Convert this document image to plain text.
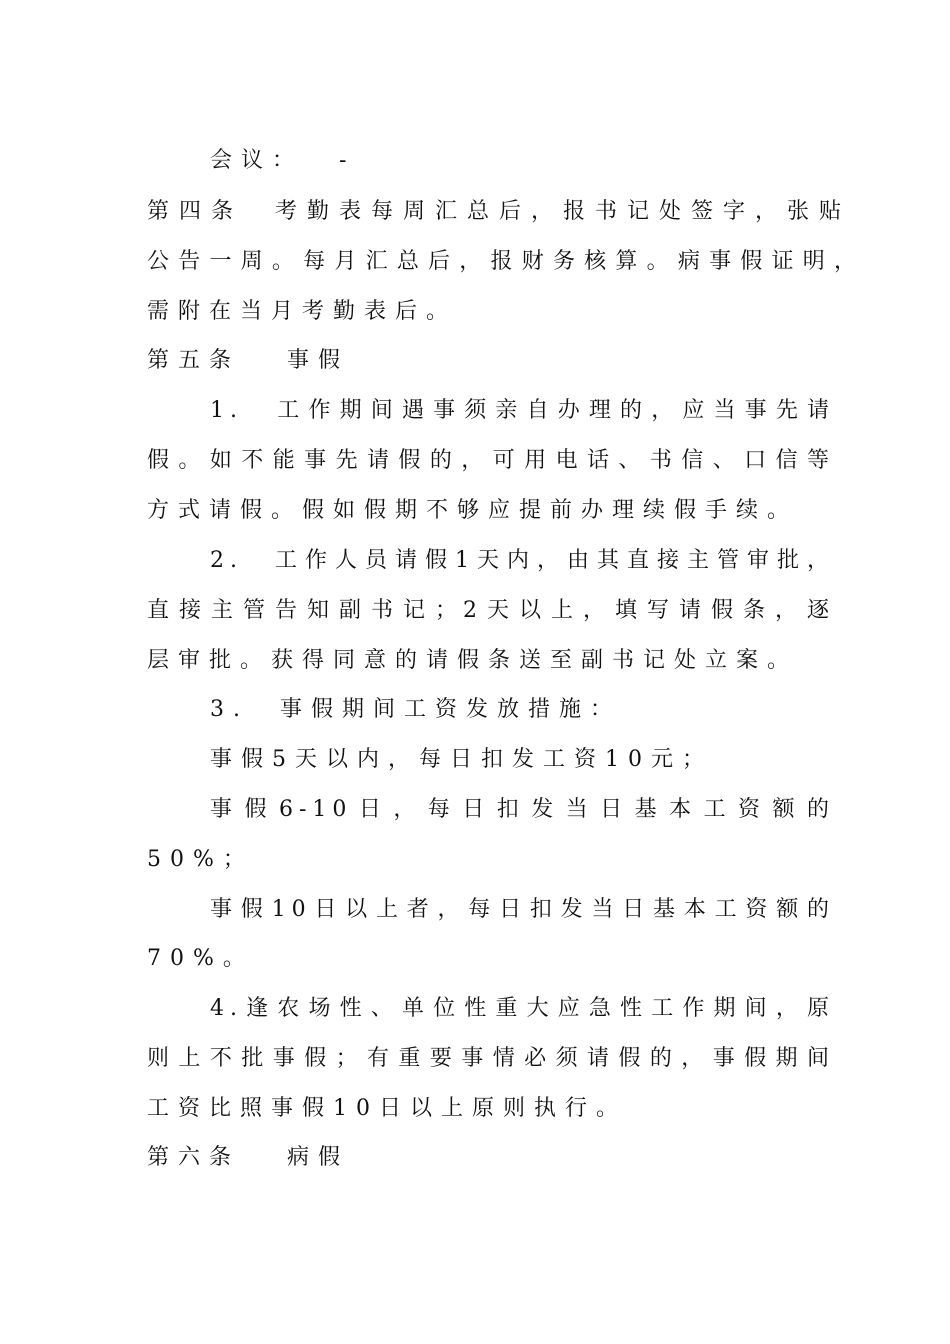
会议：　 -
第四条　考勤表每周汇总后，报书记处签字，张贴
公告一周。每月汇总后，报财务核算。病事假证明，
需附在当月考勤表后。
第五条　 事假
1.　工作期间遇事须亲自办理的，应当事先请
假。如不能事先请假的，可用电话、书信、口信等
方式请假。假如假期不够应提前办理续假手续。
2.　工作人员请假1天内，由其直接主管审批，
直接主管告知副书记；2天以上，填写请假条，逐
层审批。获得同意的请假条送至副书记处立案。
3.　事假期间工资发放措施：
事假5天以内，每日扣发工资10元；
事假6-10日，每日扣发当日基本工资额的
50%；
事假10日以上者，每日扣发当日基本工资额的
70%。
4.逢农场性、单位性重大应急性工作期间，原
则上不批事假；有重要事情必须请假的，事假期间
工资比照事假10日以上原则执行。
第六条　 病假
